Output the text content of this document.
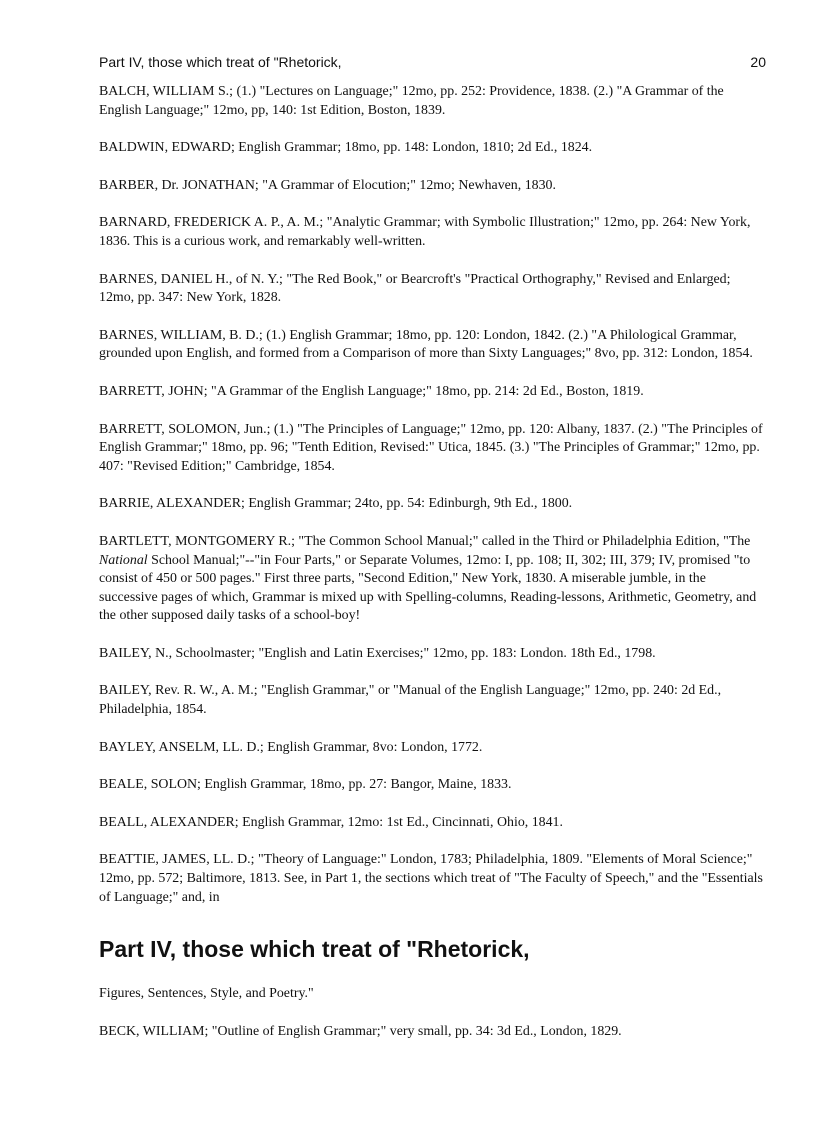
Part IV, those which treat of "Rhetorick,	20

BALCH, WILLIAM S.; (1.) "Lectures on Language;" 12mo, pp. 252: Providence, 1838. (2.) "A Grammar of the English Language;" 12mo, pp, 140: 1st Edition, Boston, 1839.

BALDWIN, EDWARD; English Grammar; 18mo, pp. 148: London, 1810; 2d Ed., 1824.

BARBER, Dr. JONATHAN; "A Grammar of Elocution;" 12mo; Newhaven, 1830.

BARNARD, FREDERICK A. P., A. M.; "Analytic Grammar; with Symbolic Illustration;" 12mo, pp. 264: New York, 1836. This is a curious work, and remarkably well-written.

BARNES, DANIEL H., of N. Y.; "The Red Book," or Bearcroft's "Practical Orthography," Revised and Enlarged; 12mo, pp. 347: New York, 1828.

BARNES, WILLIAM, B. D.; (1.) English Grammar; 18mo, pp. 120: London, 1842. (2.) "A Philological Grammar, grounded upon English, and formed from a Comparison of more than Sixty Languages;" 8vo, pp. 312: London, 1854.

BARRETT, JOHN; "A Grammar of the English Language;" 18mo, pp. 214: 2d Ed., Boston, 1819.

BARRETT, SOLOMON, Jun.; (1.) "The Principles of Language;" 12mo, pp. 120: Albany, 1837. (2.) "The Principles of English Grammar;" 18mo, pp. 96; "Tenth Edition, Revised:" Utica, 1845. (3.) "The Principles of Grammar;" 12mo, pp. 407: "Revised Edition;" Cambridge, 1854.

BARRIE, ALEXANDER; English Grammar; 24to, pp. 54: Edinburgh, 9th Ed., 1800.

BARTLETT, MONTGOMERY R.; "The Common School Manual;" called in the Third or Philadelphia Edition, "The National School Manual;"--"in Four Parts," or Separate Volumes, 12mo: I, pp. 108; II, 302; III, 379; IV, promised "to consist of 450 or 500 pages." First three parts, "Second Edition," New York, 1830. A miserable jumble, in the successive pages of which, Grammar is mixed up with Spelling-columns, Reading-lessons, Arithmetic, Geometry, and the other supposed daily tasks of a school-boy!

BAILEY, N., Schoolmaster; "English and Latin Exercises;" 12mo, pp. 183: London. 18th Ed., 1798.

BAILEY, Rev. R. W., A. M.; "English Grammar," or "Manual of the English Language;" 12mo, pp. 240: 2d Ed., Philadelphia, 1854.

BAYLEY, ANSELM, LL. D.; English Grammar, 8vo: London, 1772.

BEALE, SOLON; English Grammar, 18mo, pp. 27: Bangor, Maine, 1833.

BEALL, ALEXANDER; English Grammar, 12mo: 1st Ed., Cincinnati, Ohio, 1841.

BEATTIE, JAMES, LL. D.; "Theory of Language:" London, 1783; Philadelphia, 1809. "Elements of Moral Science;" 12mo, pp. 572; Baltimore, 1813. See, in Part 1, the sections which treat of "The Faculty of Speech," and the "Essentials of Language;" and, in

Part IV, those which treat of "Rhetorick,

Figures, Sentences, Style, and Poetry."

BECK, WILLIAM; "Outline of English Grammar;" very small, pp. 34: 3d Ed., London, 1829.
